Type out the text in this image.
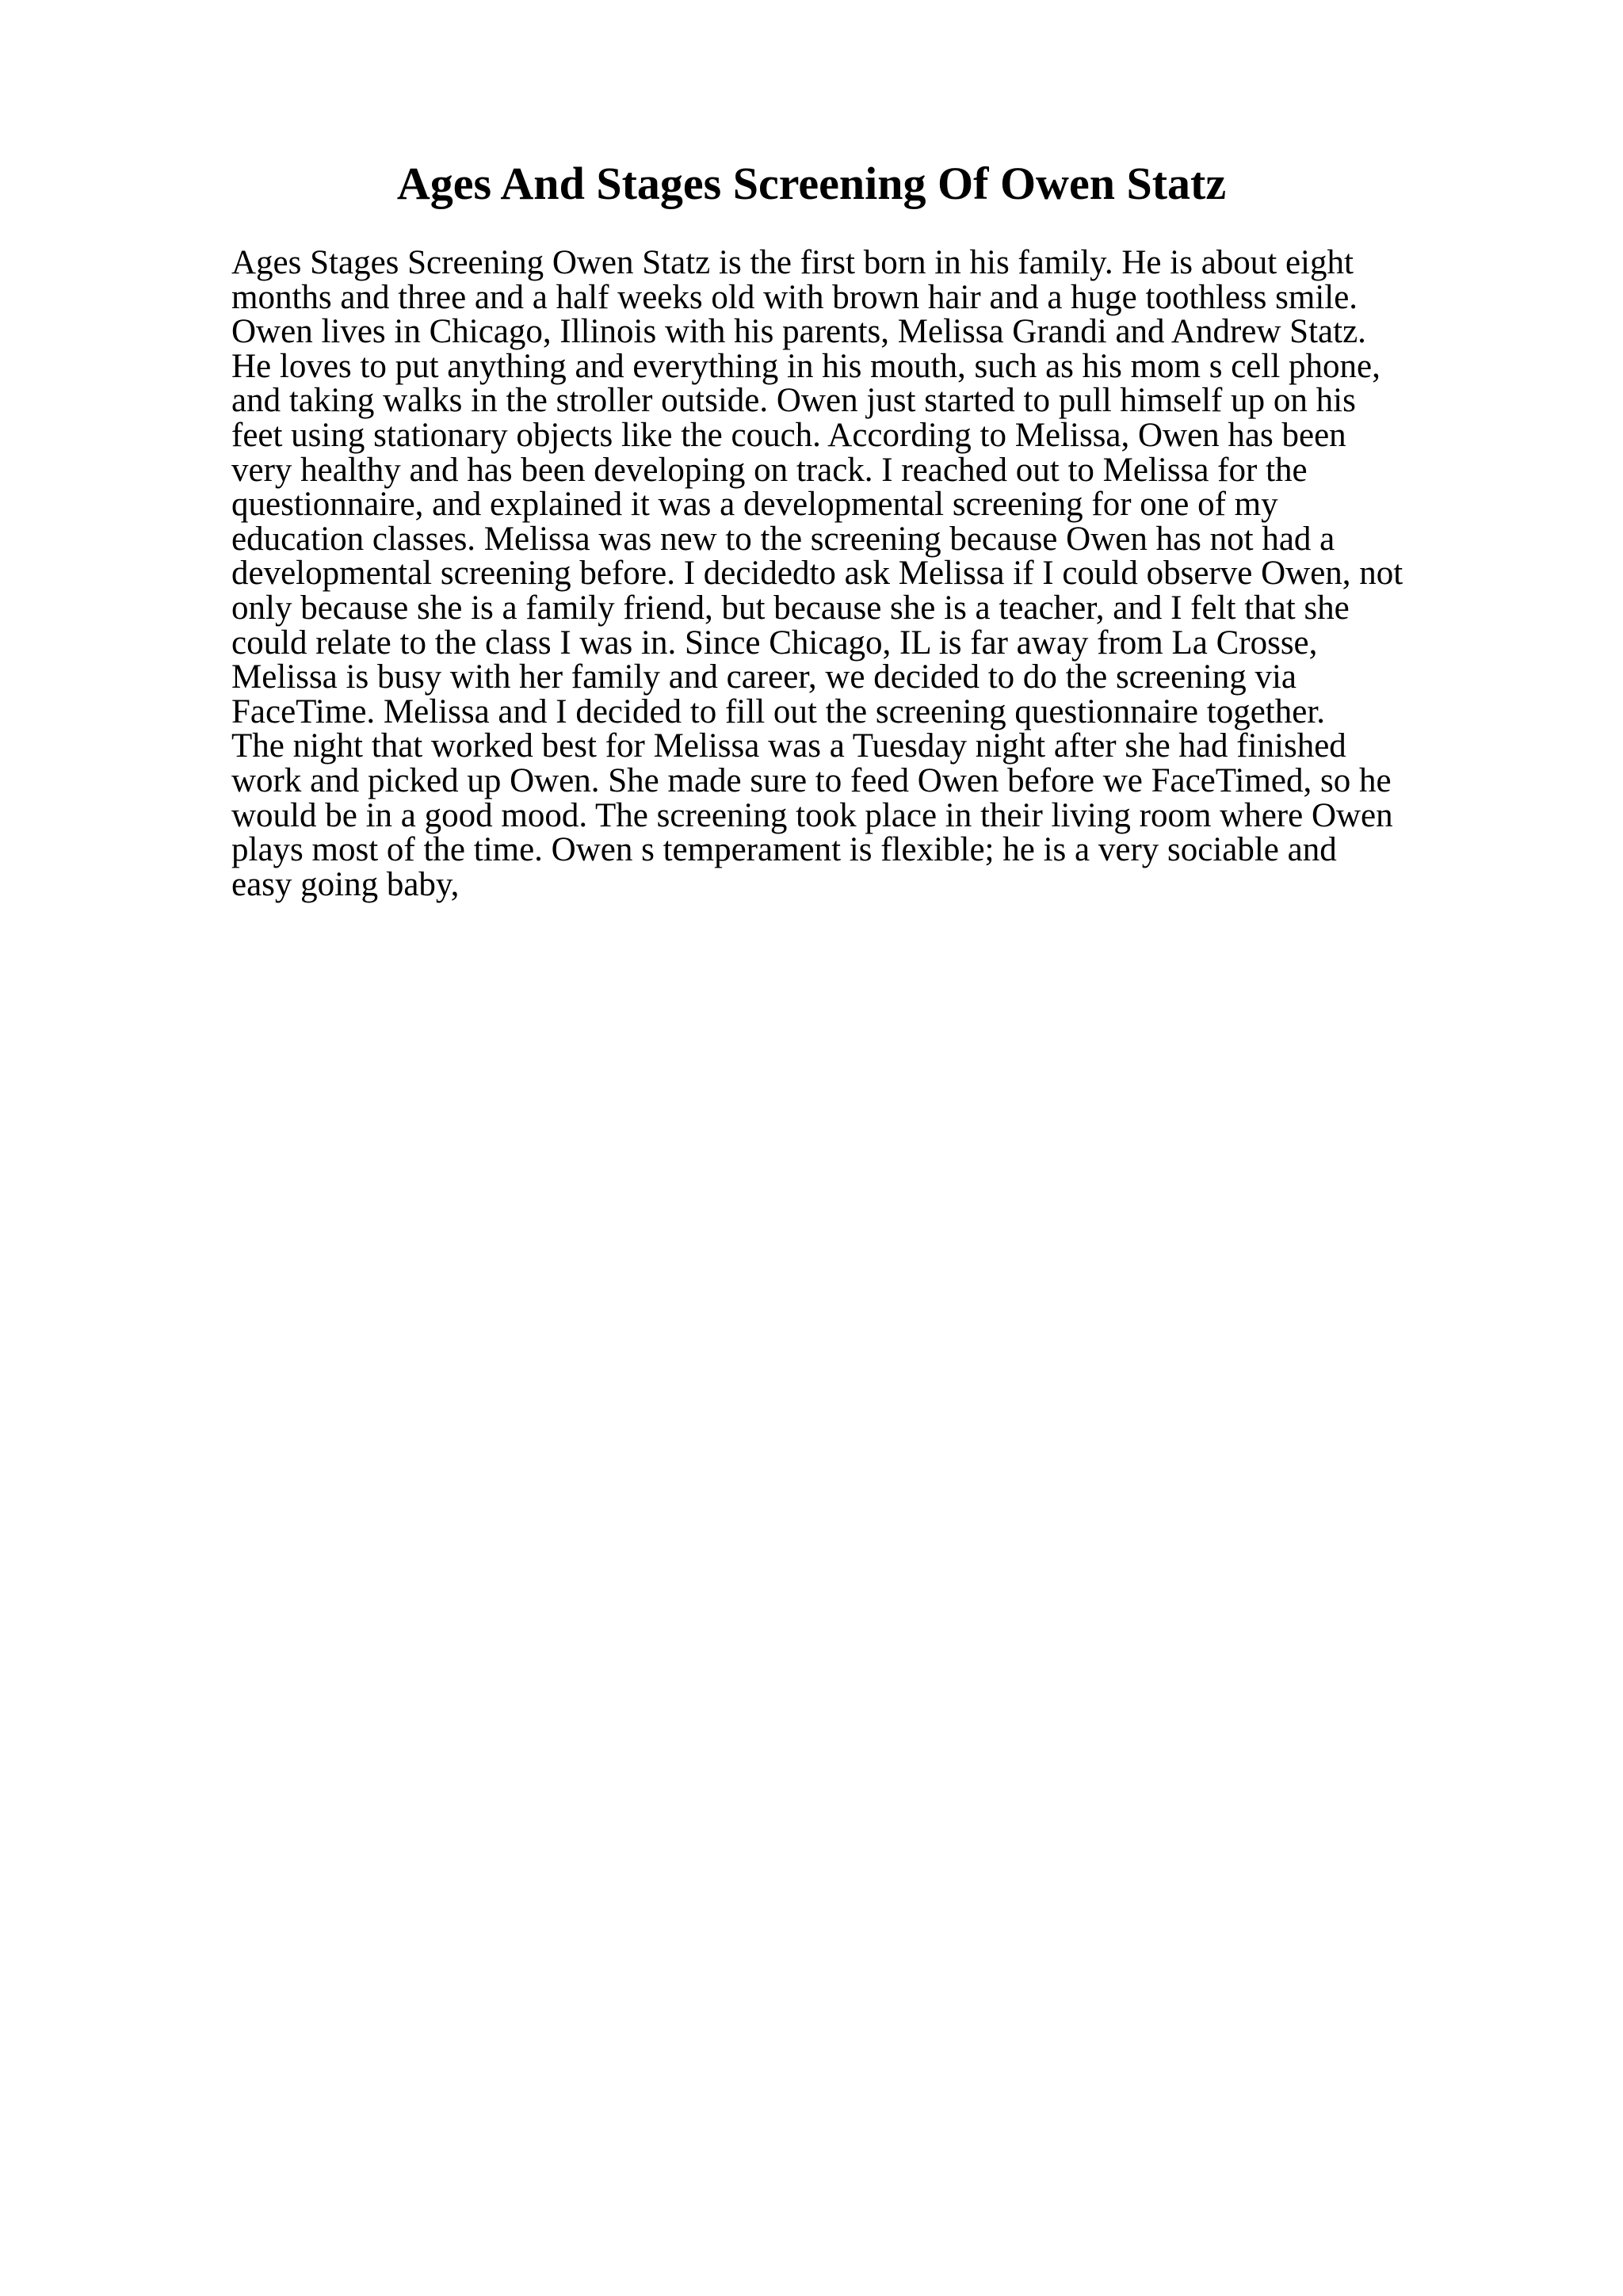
Ages And Stages Screening Of Owen Statz
Ages Stages Screening Owen Statz is the first born in his family. He is about eight
months and three and a half weeks old with brown hair and a huge toothless smile.
Owen lives in Chicago, Illinois with his parents, Melissa Grandi and Andrew Statz.
He loves to put anything and everything in his mouth, such as his mom s cell phone,
and taking walks in the stroller outside. Owen just started to pull himself up on his
feet using stationary objects like the couch. According to Melissa, Owen has been
very healthy and has been developing on track. I reached out to Melissa for the
questionnaire, and explained it was a developmental screening for one of my
education classes. Melissa was new to the screening because Owen has not had a
developmental screening before. I decidedto ask Melissa if I could observe Owen, not
only because she is a family friend, but because she is a teacher, and I felt that she
could relate to the class I was in. Since Chicago, IL is far away from La Crosse,
Melissa is busy with her family and career, we decided to do the screening via
FaceTime. Melissa and I decided to fill out the screening questionnaire together.
The night that worked best for Melissa was a Tuesday night after she had finished
work and picked up Owen. She made sure to feed Owen before we FaceTimed, so he
would be in a good mood. The screening took place in their living room where Owen
plays most of the time. Owen s temperament is flexible; he is a very sociable and
easy going baby,
